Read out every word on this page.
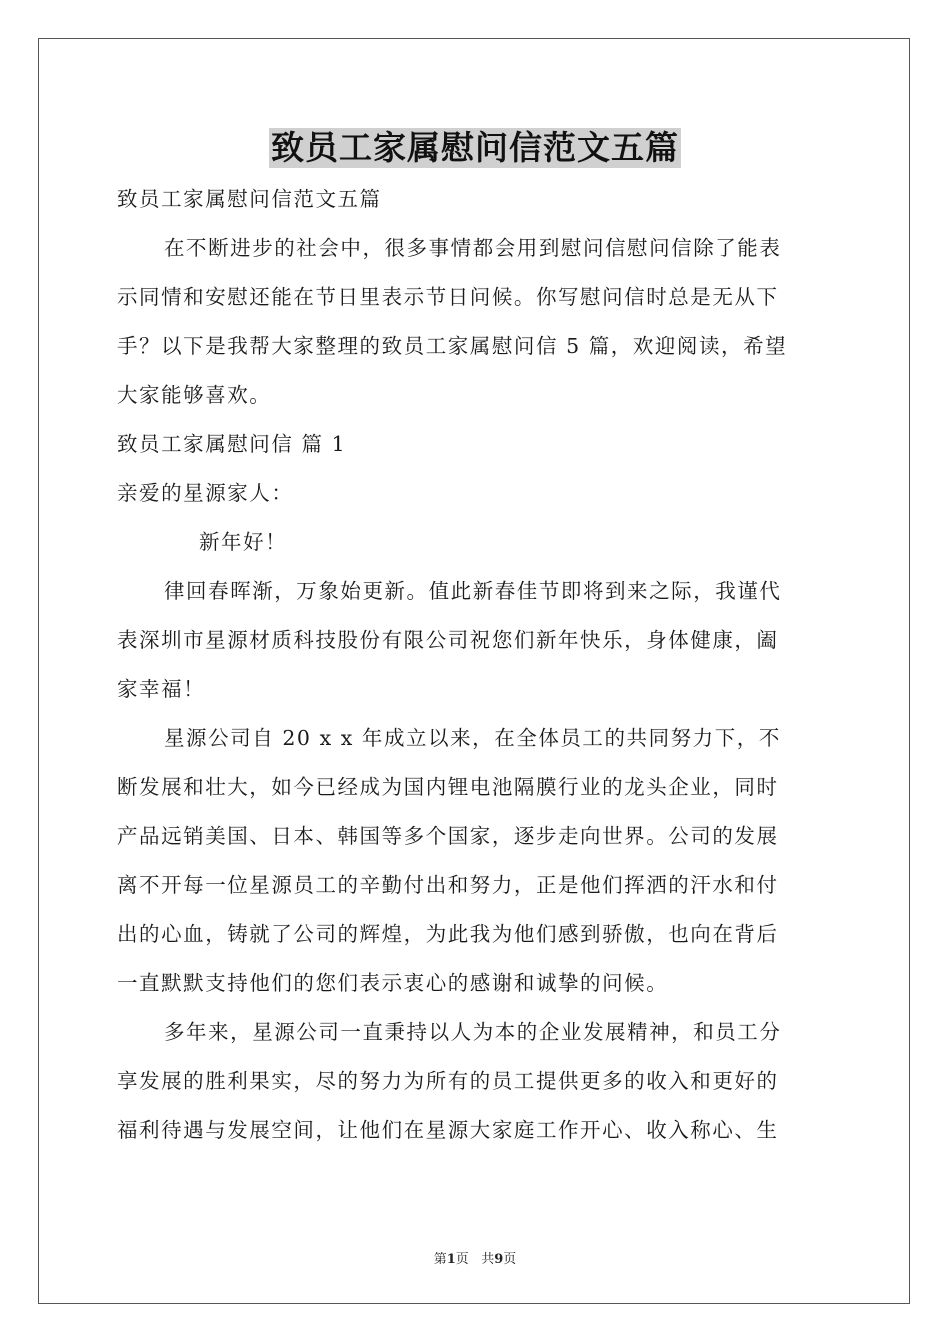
致员工家属慰问信范文五篇
致员工家属慰问信范文五篇
在不断进步的社会中，很多事情都会用到慰问信慰问信除了能表
示同情和安慰还能在节日里表示节日问候。你写慰问信时总是无从下
手？以下是我帮大家整理的致员工家属慰问信 5 篇，欢迎阅读，希望
大家能够喜欢。
致员工家属慰问信 篇 1
亲爱的星源家人：
新年好！
律回春晖渐，万象始更新。值此新春佳节即将到来之际，我谨代
表深圳市星源材质科技股份有限公司祝您们新年快乐，身体健康，阖
家幸福！
星源公司自 20 x x 年成立以来，在全体员工的共同努力下，不
断发展和壮大，如今已经成为国内锂电池隔膜行业的龙头企业，同时
产品远销美国、日本、韩国等多个国家，逐步走向世界。公司的发展
离不开每一位星源员工的辛勤付出和努力，正是他们挥洒的汗水和付
出的心血，铸就了公司的辉煌，为此我为他们感到骄傲，也向在背后
一直默默支持他们的您们表示衷心的感谢和诚挚的问候。
多年来，星源公司一直秉持以人为本的企业发展精神，和员工分
享发展的胜利果实，尽的努力为所有的员工提供更多的收入和更好的
福利待遇与发展空间，让他们在星源大家庭工作开心、收入称心、生
第1页 共9页
